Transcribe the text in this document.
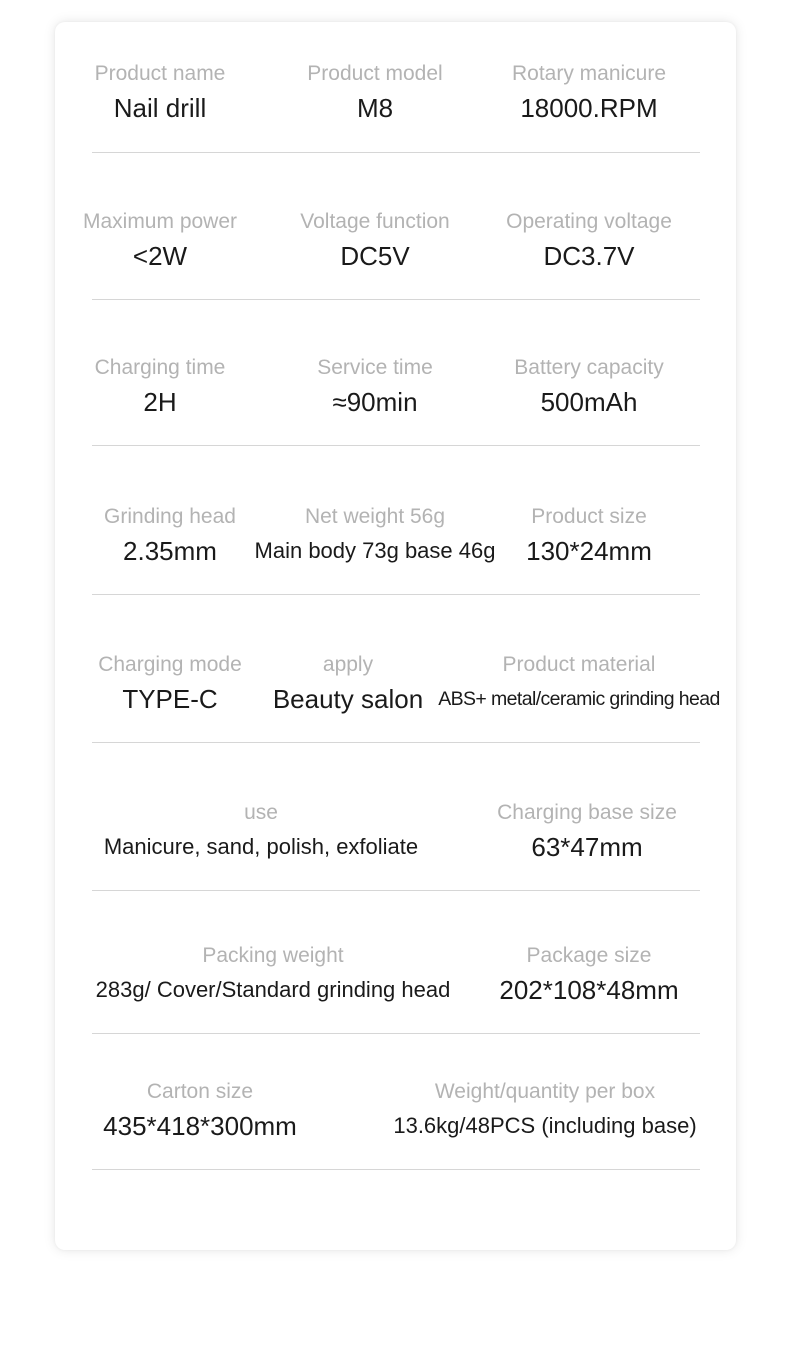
Product name
Nail drill
Product model
M8
Rotary manicure
18000.RPM
Maximum power
<2W
Voltage function
DC5V
Operating voltage
DC3.7V
Charging time
2H
Service time
≈90min
Battery capacity
500mAh
Grinding head
2.35mm
Net weight 56g
Main body 73g base 46g
Product size
130*24mm
Charging mode
TYPE-C
apply
Beauty salon
Product material
ABS+ metal/ceramic grinding head
use
Manicure, sand, polish, exfoliate
Charging base size
63*47mm
Packing weight
283g/ Cover/Standard grinding head
Package size
202*108*48mm
Carton size
435*418*300mm
Weight/quantity per box
13.6kg/48PCS (including base)
